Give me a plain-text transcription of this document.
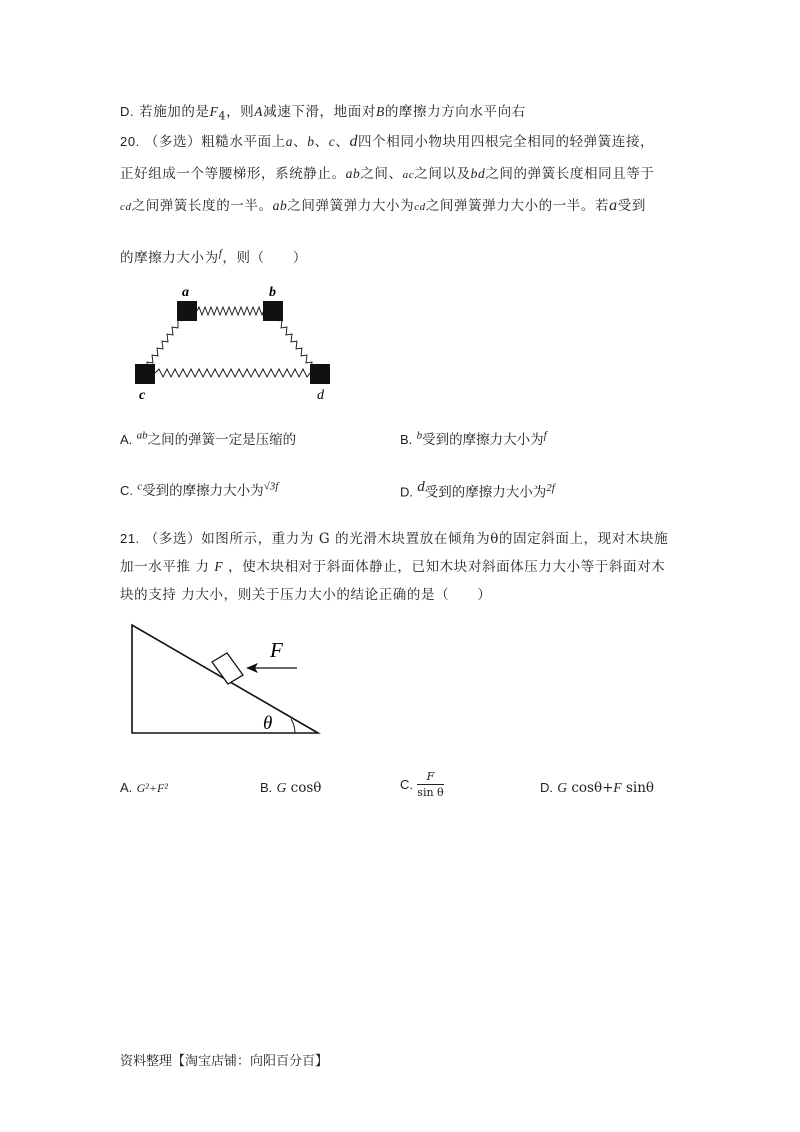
D. 若施加的是$F_4$，则A减速下滑，地面对B的摩擦力方向水平向右
20. （多选）粗糙水平面上a、b、c、d四个相同小物块用四根完全相同的轻弹簧连接，
正好组成一个等腰梯形，系统静止。ab之间、ac之间以及bd之间的弹簧长度相同且等于
cd之间弹簧长度的一半。ab之间弹簧弹力大小为cd之间弹簧弹力大小的一半。若a受到
的摩擦力大小为$^f$，则（　　）
a	b
c	d
A. $^{ab}$之间的弹簧一定是压缩的	B. $^b$受到的摩擦力大小为$^f$
C. $^c$受到的摩擦力大小为$^{√3f}$	D. $^d$受到的摩擦力大小为$^{2f}$
21. （多选）如图所示，重力为 G 的光滑木块置放在倾角为θ的固定斜面上，现对木块施
加一水平推 力 F ，使木块相对于斜面体静止，已知木块对斜面体压力大小等于斜面对木
块的支持 力大小，则关于压力大小的结论正确的是（　　）
F
θ
A. G²+F²	B. G cosθ	C. $\frac{F}{\text{sin θ}}$	D. G cosθ+F sinθ
资料整理【淘宝店铺：向阳百分百】
